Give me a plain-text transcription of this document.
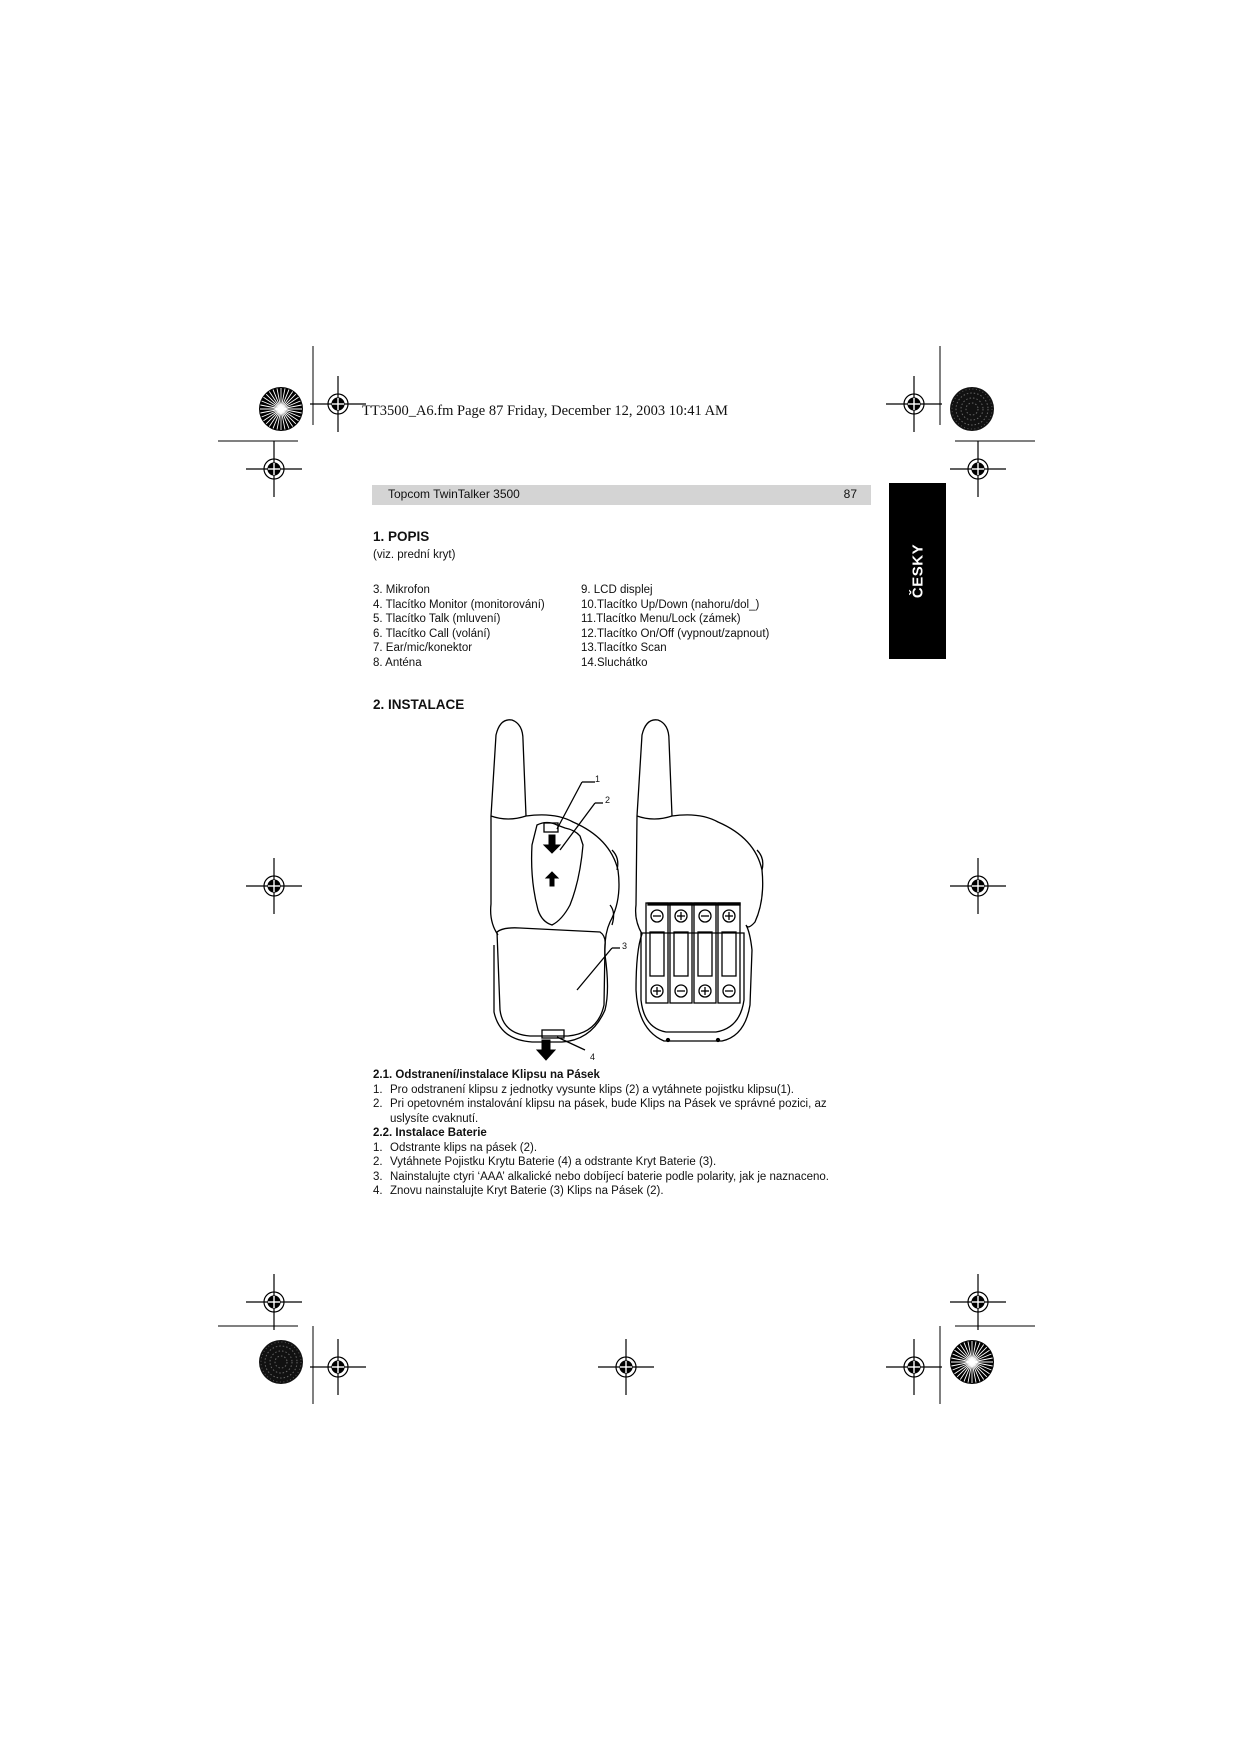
1
2
3
4
TT3500_A6.fm Page 87 Friday, December 12, 2003 10:41 AM
Topcom TwinTalker 3500	87
ČESKY
1. POPIS
(viz. prední kryt)
3. Mikrofon
4. Tlacítko Monitor (monitorování)
5. Tlacítko Talk (mluvení)
6. Tlacítko Call (volání)
7. Ear/mic/konektor
8. Anténa
9. LCD displej
10.Tlacítko Up/Down (nahoru/dol_)
11.Tlacítko Menu/Lock (zámek)
12.Tlacítko On/Off (vypnout/zapnout)
13.Tlacítko Scan
14.Sluchátko
2. INSTALACE
2.1. Odstranení/instalace Klipsu na Pásek
1. Pro odstranení klipsu z jednotky vysunte klips (2) a vytáhnete pojistku klipsu(1).
2. Pri opetovném instalování klipsu na pásek, bude Klips na Pásek ve správné pozici, az
uslysíte cvaknutí.
2.2. Instalace Baterie
1. Odstrante klips na pásek (2).
2. Vytáhnete Pojistku Krytu Baterie (4) a odstrante Kryt Baterie (3).
3. Nainstalujte ctyri ‘AAA’ alkalické nebo dobíjecí baterie podle polarity, jak je naznaceno.
4. Znovu nainstalujte Kryt Baterie (3) Klips na Pásek (2).
